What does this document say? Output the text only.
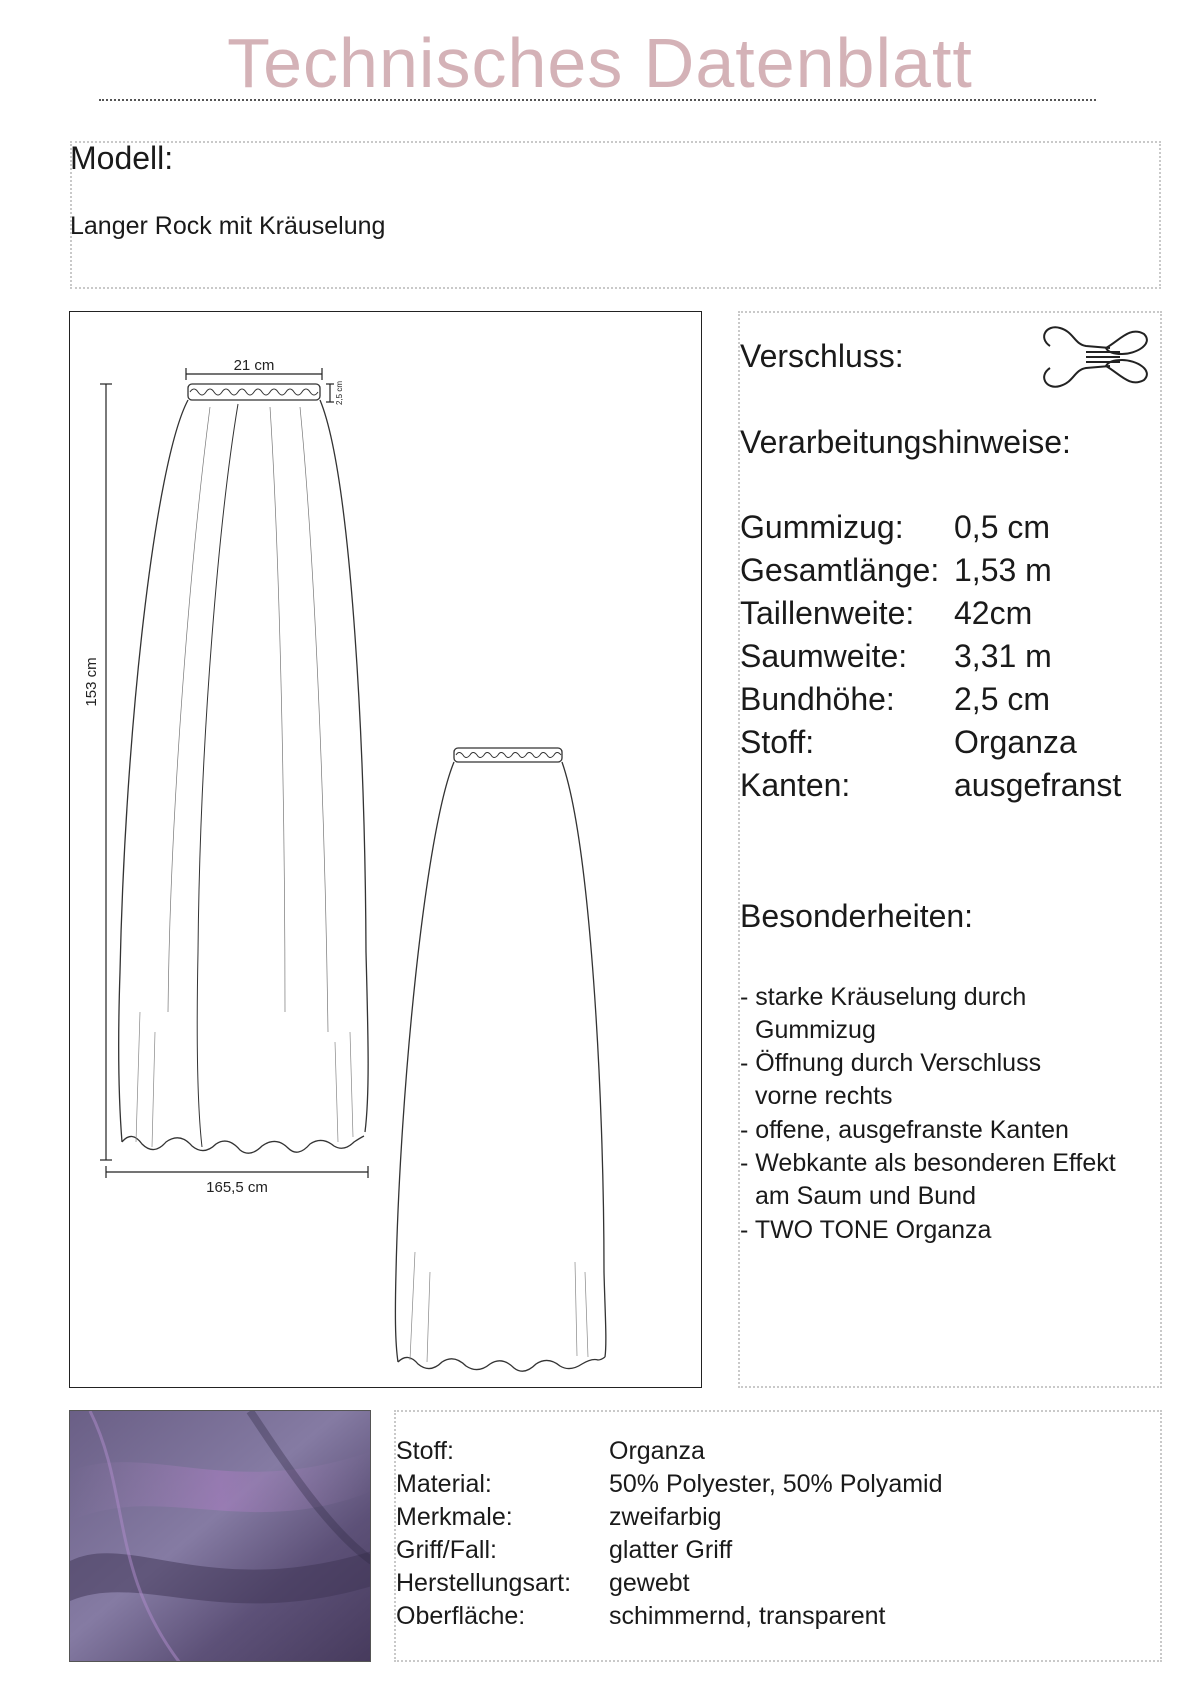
Technisches Datenblatt
Modell:
Langer Rock mit Kräuselung
21 cm
165,5 cm
153 cm
2,5 cm
Verschluss:
Verarbeitungshinweise:
Gummizug: 0,5 cm
Gesamtlänge: 1,53 m
Taillenweite: 42cm
Saumweite: 3,31 m
Bundhöhe: 2,5 cm
Stoff:	Organza
Kanten:	ausgefranst
Besonderheiten:
- starke Kräuselung durch
Gummizug
- Öffnung durch Verschluss
vorne rechts
- offene, ausgefranste Kanten
- Webkante als besonderen Effekt
am Saum und Bund
- TWO TONE Organza
Stoff:	Organza
Material:	50% Polyester, 50% Polyamid
Merkmale:	zweifarbig
Griff/Fall:	glatter Griff
Herstellungsart: gewebt
Oberfläche:	schimmernd, transparent
